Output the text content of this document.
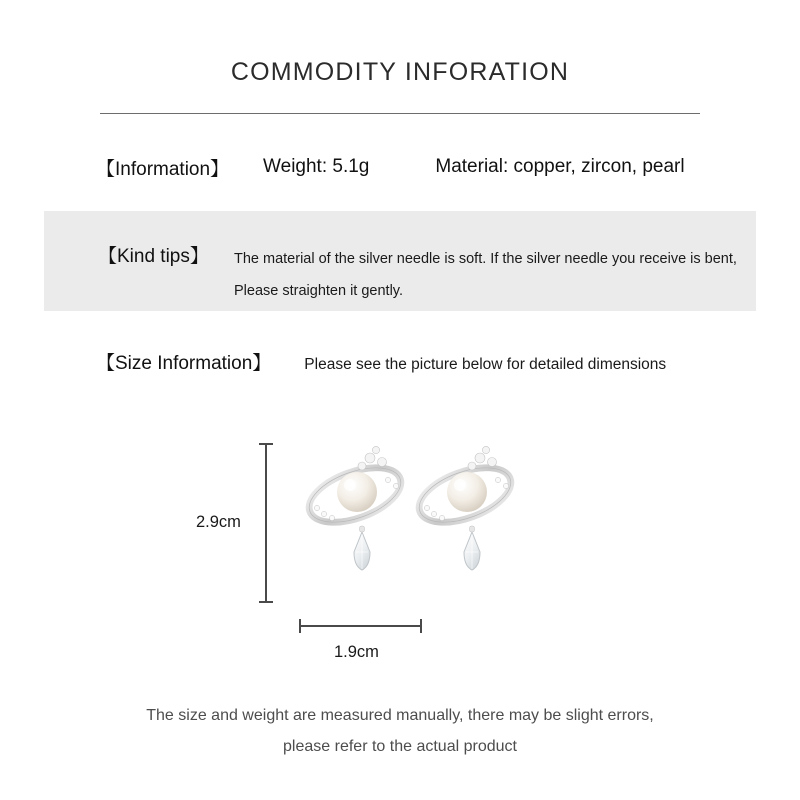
COMMODITY INFORATION
【Information】 Weight: 5.1g	Material: copper, zircon, pearl
【Kind tips】 The material of the silver needle is soft. If the silver needle you receive is bent, Please straighten it gently.
【Size Information】 Please see the picture below for detailed dimensions
2.9cm
1.9cm
The size and weight are measured manually, there may be slight errors,
please refer to the actual product
